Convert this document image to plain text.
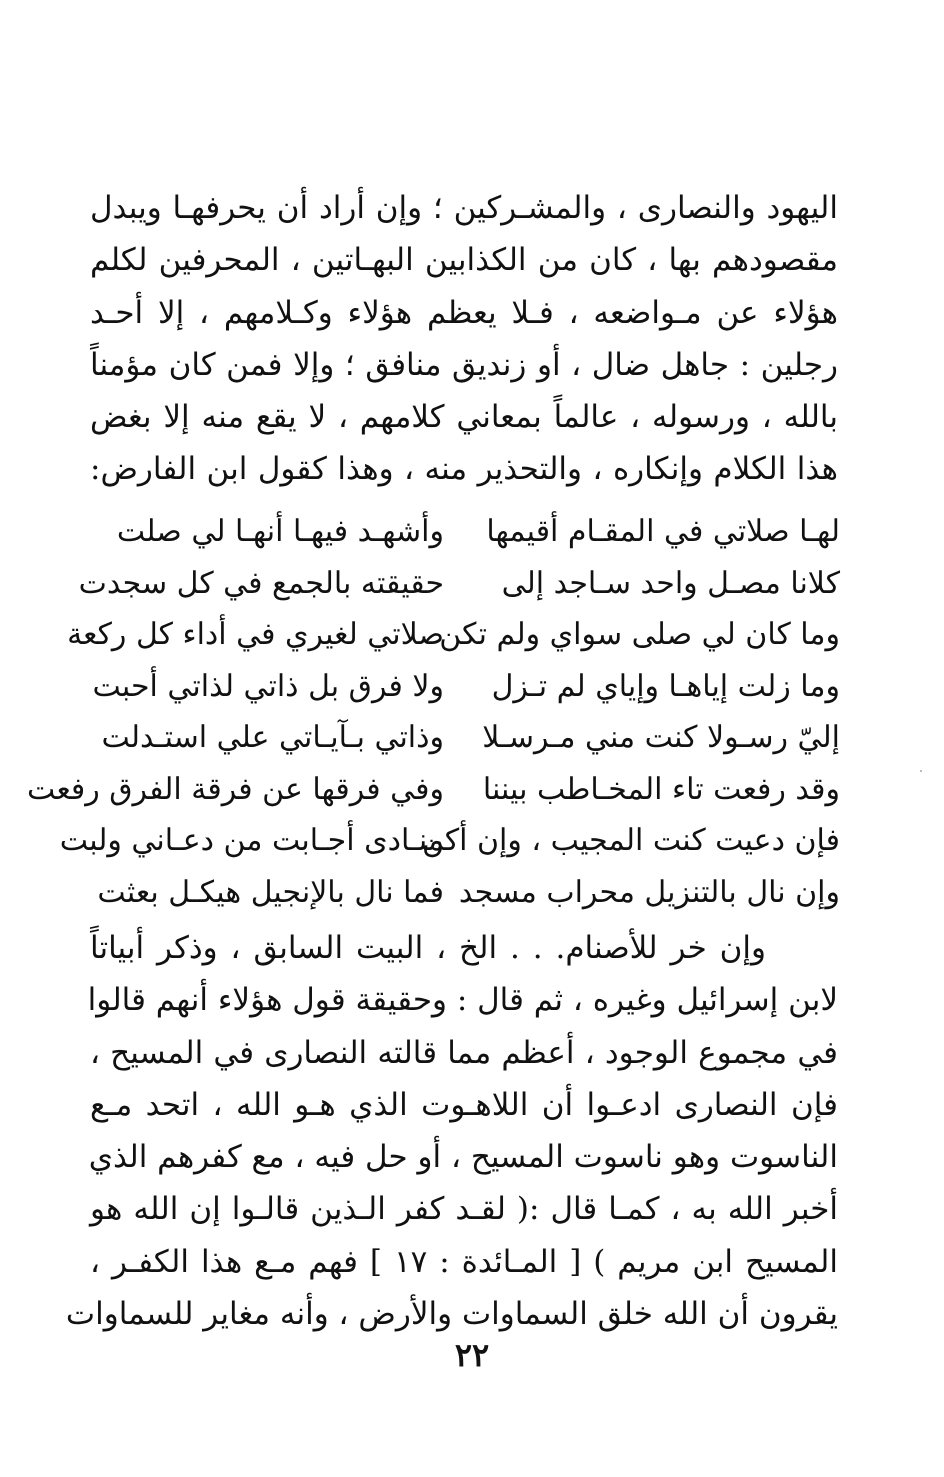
اليهود والنصارى ، والمشـركين ؛ وإن أراد أن يحرفهـا ويبدل
مقصودهم بها ، كان من الكذابين البهـاتين ، المحرفين لكلم
هؤلاء عن مـواضعه ، فـلا يعظم هؤلاء وكـلامهم ، إلا أحـد
رجلين : جاهل ضال ، أو زنديق منافق ؛ وإلا فمن كان مؤمناً
بالله ، ورسوله ، عالماً بمعاني كلامهم ، لا يقع منه إلا بغض
هذا الكلام وإنكاره ، والتحذير منه ، وهذا كقول ابن الفارض:
لهـا صلاتي في المقـام أقيمها
وأشهـد فيهـا أنهـا لي صلت
كلانا مصـل واحد سـاجد إلى
حقيقته بالجمع في كل سجدت
وما كان لي صلى سواي ولم تكن
صلاتي لغيري في أداء كل ركعة
وما زلت إياهـا وإياي لم تـزل
ولا فرق بل ذاتي لذاتي أحبت
إليّ رسـولا كنت مني مـرسـلا
وذاتي بـآيـاتي علي استـدلت
وقد رفعت تاء المخـاطب بيننا
وفي فرقها عن فرقة الفرق رفعت
فإن دعيت كنت المجيب ، وإن أكن
منـادى أجـابت من دعـاني ولبت
وإن نال بالتنزيل محراب مسجد
فما نال بالإنجيل هيكـل بعثت
وإن خر للأصنام. . . الخ ، البيت السابق ، وذكر أبياتاً
لابن إسرائيل وغيره ، ثم قال : وحقيقة قول هؤلاء أنهم قالوا
في مجموع الوجود ، أعظم مما قالته النصارى في المسيح ،
فإن النصارى ادعـوا أن اللاهـوت الذي هـو الله ، اتحد مـع
الناسوت وهو ناسوت المسيح ، أو حل فيه ، مع كفرهم الذي
أخبر الله به ، كمـا قال :( لقـد كفر الـذين قالـوا إن الله هو
المسيح ابن مريم ) [ المـائدة : ١٧ ] فهم مـع هذا الكفـر ،
يقرون أن الله خلق السماوات والأرض ، وأنه مغاير للسماوات
٢٢
